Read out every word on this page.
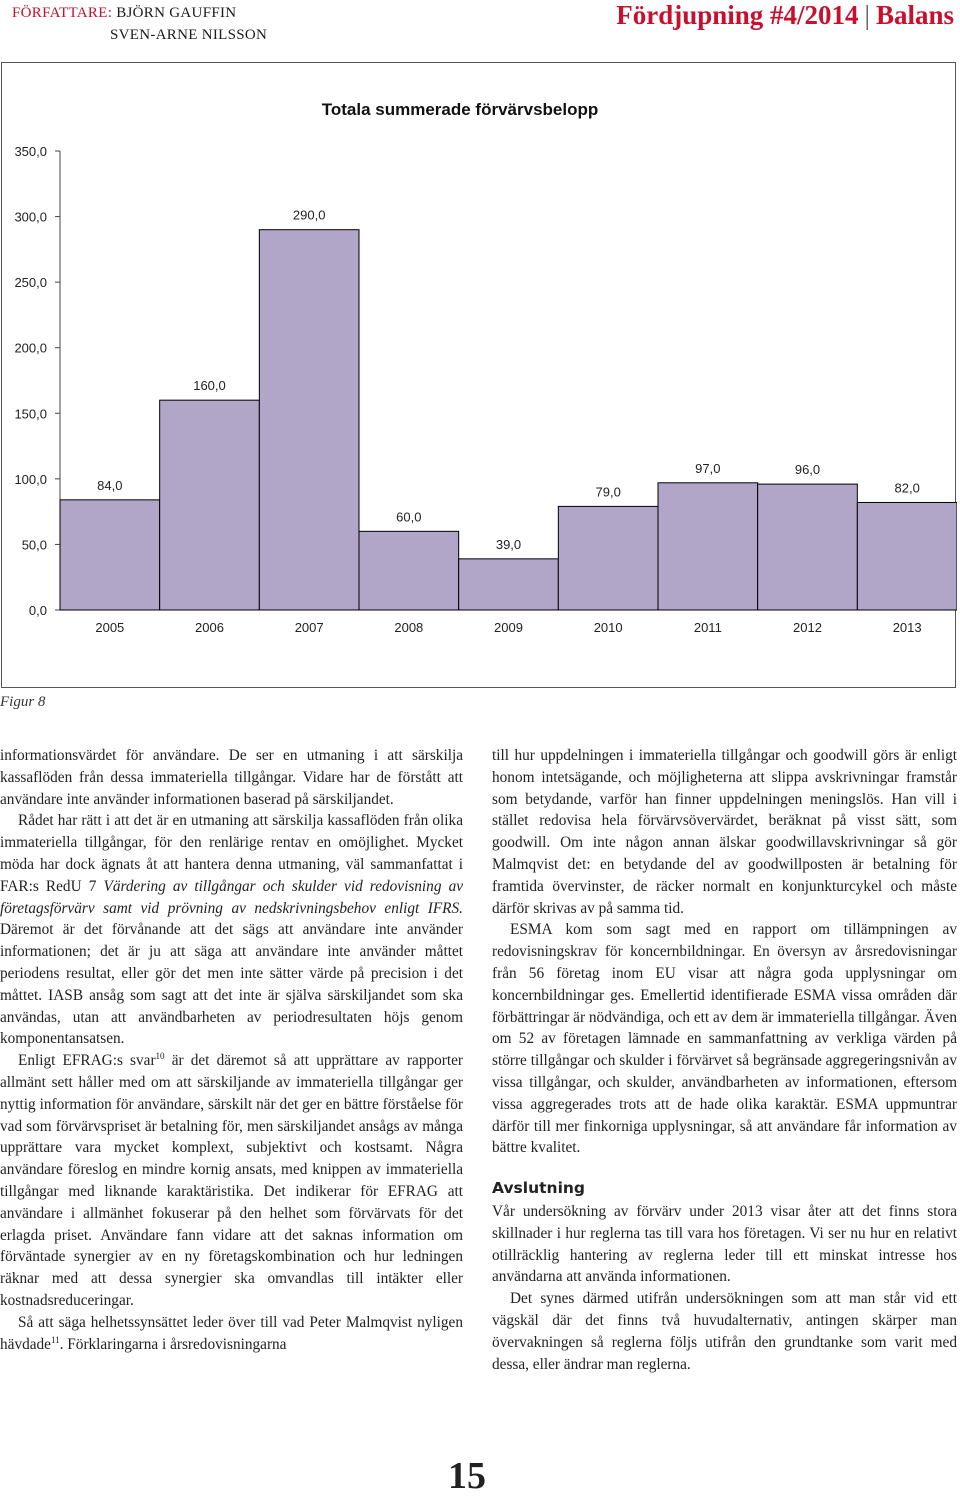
FÖRFATTARE: BJÖRN GAUFFIN
SVEN-ARNE NILSSON
Fördjupning #4/2014 | Balans
Totala summerade förvärvsbelopp
0,0
50,0
100,0
150,0
200,0
250,0
300,0
350,0
84,0
2005
160,0
2006
290,0
2007
60,0
2008
39,0
2009
79,0
2010
97,0
2011
96,0
2012
82,0
2013
Figur 8

informationsvärdet för användare. De ser en utmaning i att särskilja kassaflöden från dessa immateriella tillgångar. Vidare har de förstått att användare inte använder informationen baserad på särskiljandet.

Rådet har rätt i att det är en utmaning att särskilja kassaflöden från olika immateriella tillgångar, för den renlärige rentav en omöjlighet. Mycket möda har dock ägnats åt att hantera denna utmaning, väl sammanfattat i FAR:s RedU 7 Värdering av tillgångar och skulder vid redovisning av företagsförvärv samt vid prövning av nedskrivningsbehov enligt IFRS. Däremot är det förvånande att det sägs att användare inte använder informationen; det är ju att säga att användare inte använder måttet periodens resultat, eller gör det men inte sätter värde på precision i det måttet. IASB ansåg som sagt att det inte är själva särskiljandet som ska användas, utan att användbarheten av periodresultaten höjs genom komponentansatsen.

Enligt EFRAG:s svar$^{10}$ är det däremot så att upprättare av rapporter allmänt sett håller med om att särskiljande av immateriella tillgångar ger nyttig information för användare, särskilt när det ger en bättre förståelse för vad som förvärvspriset är betalning för, men särskiljandet ansågs av många upprättare vara mycket komplext, subjektivt och kostsamt. Några användare föreslog en mindre kornig ansats, med knippen av immateriella tillgångar med liknande karaktäristika. Det indikerar för EFRAG att användare i allmänhet fokuserar på den helhet som förvärvats för det erlagda priset. Användare fann vidare att det saknas information om förväntade synergier av en ny företagskombination och hur ledningen räknar med att dessa synergier ska omvandlas till intäkter eller kostnadsreduceringar.

Så att säga helhetssynsättet leder över till vad Peter Malmqvist nyligen hävdade$^{11}$. Förklaringarna i årsredovisningarna

till hur uppdelningen i immateriella tillgångar och goodwill görs är enligt honom intetsägande, och möjligheterna att slippa avskrivningar framstår som betydande, varför han finner uppdelningen meningslös. Han vill i stället redovisa hela förvärvsövervärdet, beräknat på visst sätt, som goodwill. Om inte någon annan älskar goodwillavskrivningar så gör Malmqvist det: en betydande del av goodwillposten är betalning för framtida övervinster, de räcker normalt en konjunkturcykel och måste därför skrivas av på samma tid.

ESMA kom som sagt med en rapport om tillämpningen av redovisningskrav för koncernbildningar. En översyn av årsredovisningar från 56 företag inom EU visar att några goda upplysningar om koncernbildningar ges. Emellertid identifierade ESMA vissa områden där förbättringar är nödvändiga, och ett av dem är immateriella tillgångar. Även om 52 av företagen lämnade en sammanfattning av verkliga värden på större tillgångar och skulder i förvärvet så begränsade aggregeringsnivån av vissa tillgångar, och skulder, användbarheten av informationen, eftersom vissa aggregerades trots att de hade olika karaktär. ESMA uppmuntrar därför till mer finkorniga upplysningar, så att användare får information av bättre kvalitet.

Avslutning

Vår undersökning av förvärv under 2013 visar åter att det finns stora skillnader i hur reglerna tas till vara hos företagen. Vi ser nu hur en relativt otillräcklig hantering av reglerna leder till ett minskat intresse hos användarna att använda informationen.

Det synes därmed utifrån undersökningen som att man står vid ett vägskäl där det finns två huvudalternativ, antingen skärper man övervakningen så reglerna följs utifrån den grundtanke som varit med dessa, eller ändrar man reglerna.

15
